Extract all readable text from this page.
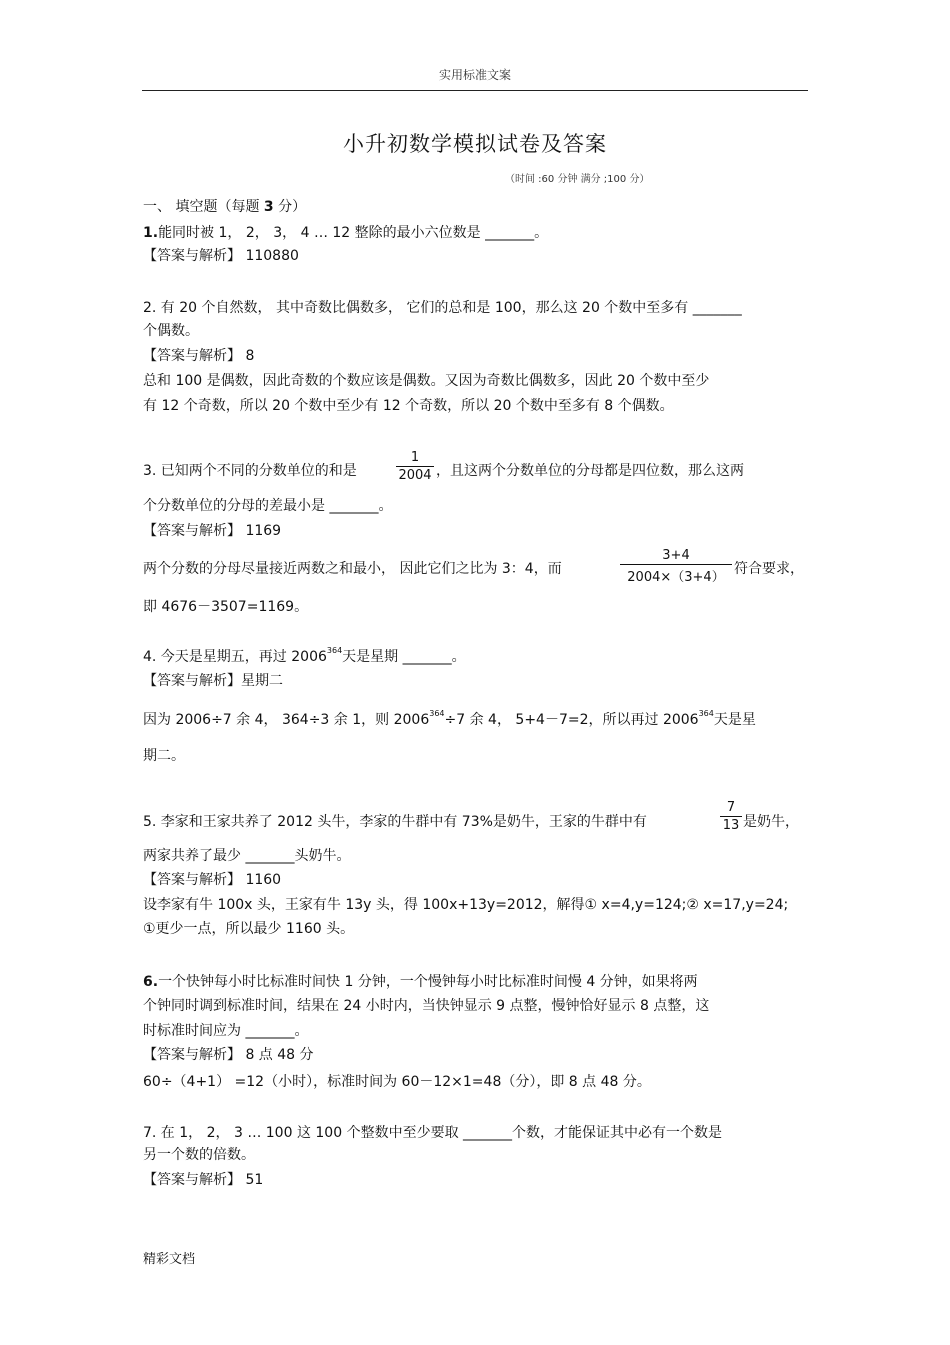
实用标准文案
小升初数学模拟试卷及答案
（时间 :60 分钟 满分 ;100 分）
一、 填空题（每题 3 分）
1.能同时被 1， 2， 3， 4 … 12 整除的最小六位数是 _______。
【答案与解析】 110880
2. 有 20 个自然数， 其中奇数比偶数多， 它们的总和是 100，那么这 20 个数中至多有 _______
个偶数。
【答案与解析】 8
总和 100 是偶数，因此奇数的个数应该是偶数。又因为奇数比偶数多，因此 20 个数中至少
有 12 个奇数，所以 20 个数中至少有 12 个奇数，所以 20 个数中至多有 8 个偶数。
3. 已知两个不同的分数单位的和是	$\frac{1}{2004}$ ，且这两个分数单位的分母都是四位数，那么这两
个分数单位的分母的差最小是 _______。
【答案与解析】 1169
两个分数的分母尽量接近两数之和最小， 因此它们之比为 3：4，而	$\frac{3+4}{2004\times(3+4)}$ 符合要求，
即 4676－3507=1169。
4. 今天是星期五，再过 2006$^{364}$天是星期 _______。
【答案与解析】星期二
因为 2006÷7 余 4， 364÷3 余 1，则 $2006^{364}\div 7$ 余 4， 5+4－7=2，所以再过 2006$^{364}$天是星
期二。
5. 李家和王家共养了 2012 头牛，李家的牛群中有 73%是奶牛，王家的牛群中有	$\frac{7}{13}$ 是奶牛，
两家共养了最少 _______头奶牛。
【答案与解析】 1160
设李家有牛 100x 头，王家有牛 13y 头，得 100x+13y=2012，解得① x=4,y=124;② x=17,y=24;
①更少一点，所以最少 1160 头。
6.一个快钟每小时比标准时间快 1 分钟，一个慢钟每小时比标准时间慢 4 分钟，如果将两
个钟同时调到标准时间，结果在 24 小时内，当快钟显示 9 点整，慢钟恰好显示 8 点整，这
时标准时间应为 _______。
【答案与解析】 8 点 48 分
60÷（4+1） =12（小时），标准时间为 60－12×1=48（分），即 8 点 48 分。
7. 在 1， 2， 3 … 100 这 100 个整数中至少要取 _______个数，才能保证其中必有一个数是
另一个数的倍数。
【答案与解析】 51
精彩文档
